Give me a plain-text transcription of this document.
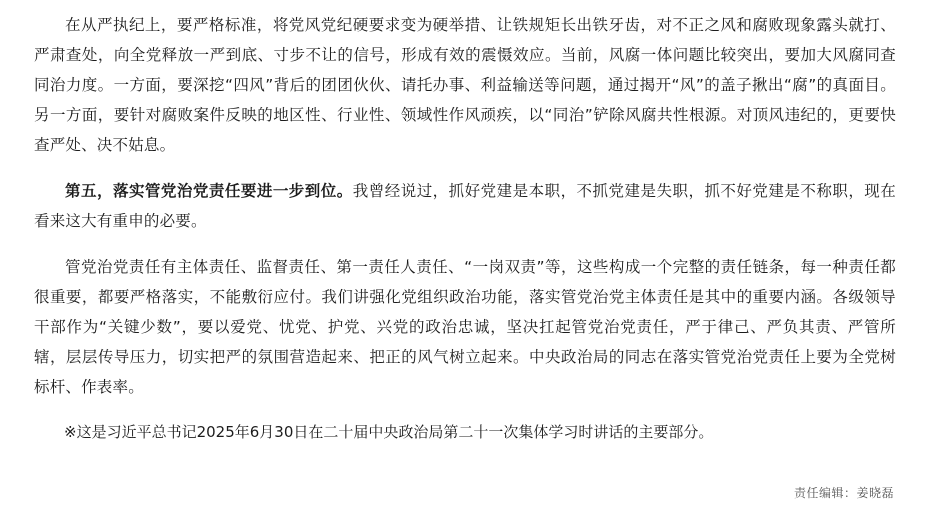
在从严执纪上，要严格标准，将党风党纪硬要求变为硬举措、让铁规矩长出铁牙齿，对不正之风和腐败现象露头就打、严肃查处，向全党释放一严到底、寸步不让的信号，形成有效的震慑效应。当前，风腐一体问题比较突出，要加大风腐同查同治力度。一方面，要深挖“四风”背后的团团伙伙、请托办事、利益输送等问题，通过揭开“风”的盖子揪出“腐”的真面目。另一方面，要针对腐败案件反映的地区性、行业性、领域性作风顽疾，以“同治”铲除风腐共性根源。对顶风违纪的，更要快查严处、决不姑息。

第五，落实管党治党责任要进一步到位。我曾经说过，抓好党建是本职，不抓党建是失职，抓不好党建是不称职，现在看来这大有重申的必要。

管党治党责任有主体责任、监督责任、第一责任人责任、“一岗双责”等，这些构成一个完整的责任链条，每一种责任都很重要，都要严格落实，不能敷衍应付。我们讲强化党组织政治功能，落实管党治党主体责任是其中的重要内涵。各级领导干部作为“关键少数”，要以爱党、忧党、护党、兴党的政治忠诚，坚决扛起管党治党责任，严于律己、严负其责、严管所辖，层层传导压力，切实把严的氛围营造起来、把正的风气树立起来。中央政治局的同志在落实管党治党责任上要为全党树标杆、作表率。

※这是习近平总书记2025年6月30日在二十届中央政治局第二十一次集体学习时讲话的主要部分。

责任编辑：姜晓磊
